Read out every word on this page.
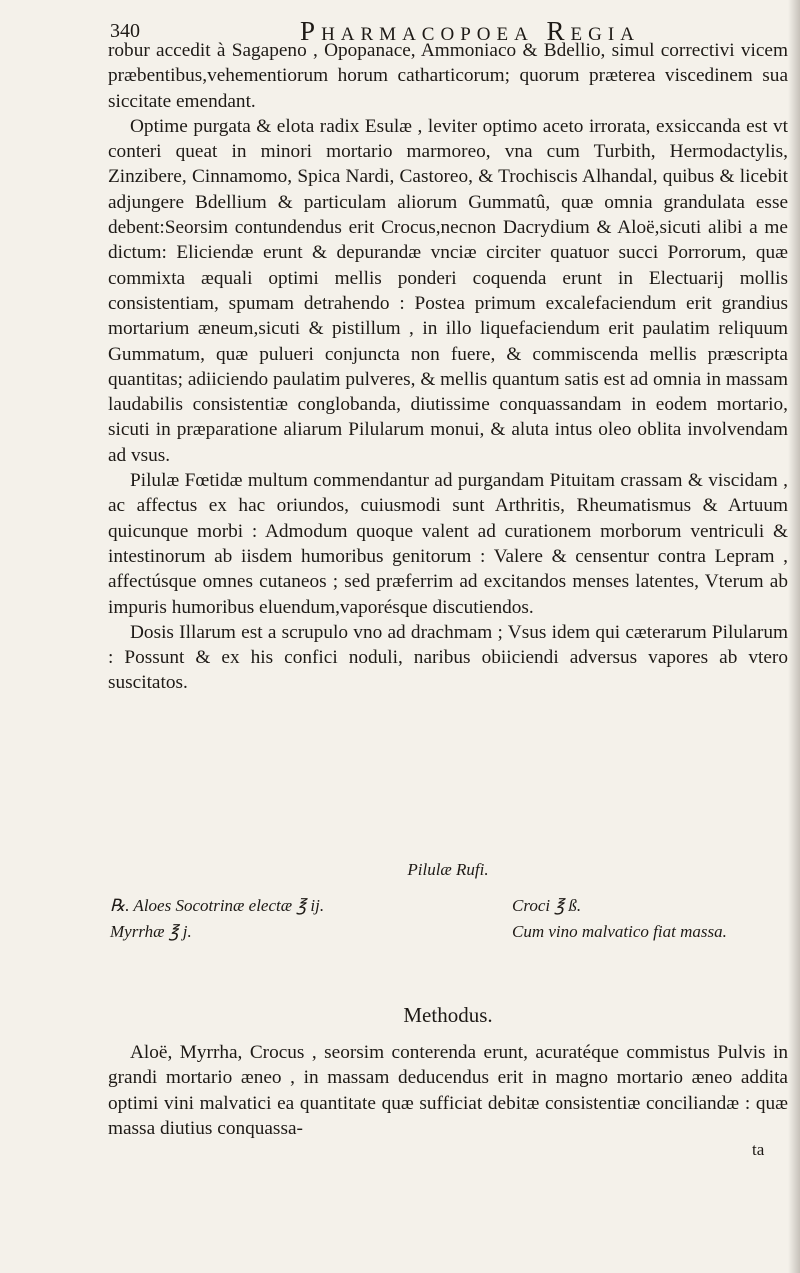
340	Pharmacopoea Regia

robur accedit à Sagapeno , Opopanace, Ammoniaco & Bdellio, simul correctivi vicem præbentibus,vehementiorum horum catharticorum; quorum præterea viscedinem sua siccitate emendant.

Optime purgata & elota radix Esulæ , leviter optimo aceto irrorata, exsiccanda est vt conteri queat in minori mortario marmoreo, vna cum Turbith, Hermodactylis, Zinzibere, Cinnamomo, Spica Nardi, Castoreo, & Trochiscis Alhandal, quibus & licebit adjungere Bdellium & particulam aliorum Gummatû, quæ omnia grandulata esse debent:Seorsim contundendus erit Crocus,necnon Dacrydium & Aloë,sicuti alibi a me dictum: Eliciendæ erunt & depurandæ vnciæ circiter quatuor succi Porrorum, quæ commixta æquali optimi mellis ponderi coquenda erunt in Electuarij mollis consistentiam, spumam detrahendo : Postea primum excalefaciendum erit grandius mortarium æneum,sicuti & pistillum , in illo liquefaciendum erit paulatim reliquum Gummatum, quæ pulueri conjuncta non fuere, & commiscenda mellis præscripta quantitas; adiiciendo paulatim pulveres, & mellis quantum satis est ad omnia in massam laudabilis consistentiæ conglobanda, diutissime conquassandam in eodem mortario, sicuti in præparatione aliarum Pilularum monui, & aluta intus oleo oblita involvendam ad vsus.

Pilulæ Fœtidæ multum commendantur ad purgandam Pituitam crassam & viscidam , ac affectus ex hac oriundos, cuiusmodi sunt Arthritis, Rheumatismus & Artuum quicunque morbi : Admodum quoque valent ad curationem morborum ventriculi & intestinorum ab iisdem humoribus genitorum : Valere & censentur contra Lepram , affectúsque omnes cutaneos ; sed præferrim ad excitandos menses latentes, Vterum ab impuris humoribus eluendum,vaporésque discutiendos.

Dosis Illarum est a scrupulo vno ad drachmam ; Vsus idem qui cæterarum Pilularum : Possunt & ex his confici noduli, naribus obiiciendi adversus vapores ab vtero suscitatos.

Pilulæ Rufi.
℞. Aloes Socotrinæ electæ ℥ ij.
Myrrhæ ℥ j.
Croci ℥ ß.
Cum vino malvatico fiat massa.
Methodus.

Aloë, Myrrha, Crocus , seorsim conterenda erunt, acuratéque commistus Pulvis in grandi mortario æneo , in massam deducendus erit in magno mortario æneo addita optimi vini malvatici ea quantitate quæ sufficiat debitæ consistentiæ conciliandæ : quæ massa diutius conquassa-

ta
